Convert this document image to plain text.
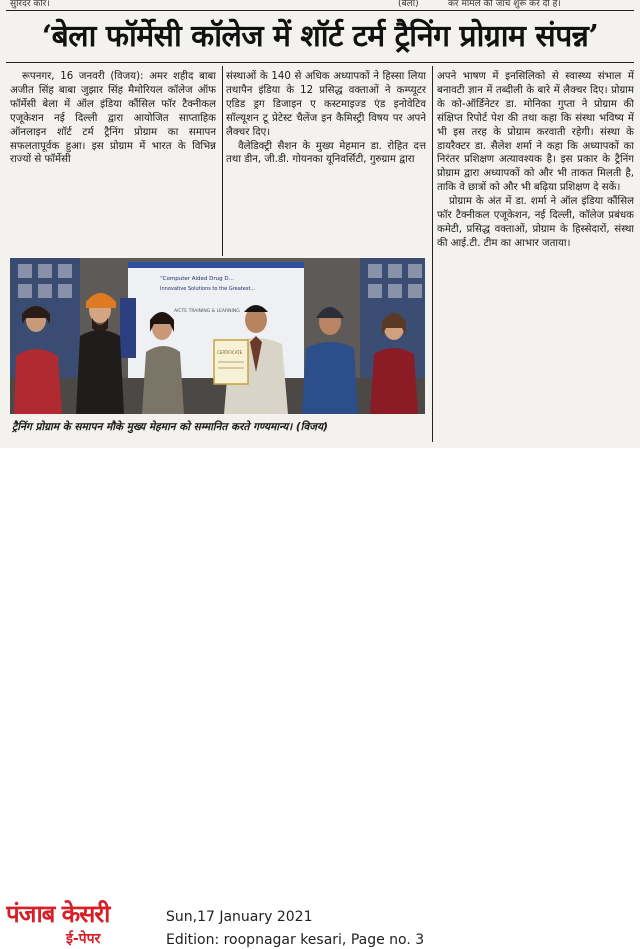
सुरिदर कौर।	(बेला)	कर मामले की जांच शुरू कर दी है।
‘बेला फॉर्मेसी कॉलेज में शॉर्ट टर्म ट्रैनिंग प्रोग्राम संपन्न’

रूपनगर, 16 जनवरी (विजय): अमर शहीद बाबा अजीत सिंह बाबा जुझार सिंह मैमोरियल कॉलेज ऑफ फॉर्मेसी बेला में ऑल इंडिया कौंसिल फॉर टैक्नीकल एजूकेशन नई दिल्ली द्वारा आयोजित साप्ताहिक ऑनलाइन शॉर्ट टर्म ट्रैनिंग प्रोग्राम का समापन सफलतापूर्वक हुआ। इस प्रोग्राम में भारत के विभिन्न राज्यों से फॉर्मेसी

संस्थाओं के 140 से अधिक अध्यापकों ने हिस्सा लिया तथापैन इंडिया के 12 प्रसिद्ध वक्ताओं ने कम्प्यूटर एडिड ड्रग डिजाइन ए कस्टमाइज्ड एंड इनोवेटिव सॉल्यूशन टू प्रेटेस्ट चैलेंज इन कैमिस्ट्री विषय पर अपने लैक्चर दिए।

वैलेडिक्ट्री सैशन के मुख्य मेहमान डा. रोहित दत्त तथा डीन, जी.डी. गोयनका यूनिवर्सिटी, गुरुग्राम द्वारा

अपने भाषण में इनसिलिको से स्वास्थ्य संभाल में बनावटी ज्ञान में तब्दीली के बारे में लैक्चर दिए। प्रोग्राम के को-ऑर्डिनेटर डा. मोनिका गुप्ता ने प्रोग्राम की संक्षिप्त रिपोर्ट पेश की तथा कहा कि संस्था भविष्य में भी इस तरह के प्रोग्राम करवाती रहेगी। संस्था के डायरैक्टर डा. सैलेश शर्मा ने कहा कि अध्यापकों का निरंतर प्रशिक्षण अत्यावश्यक है। इस प्रकार के ट्रैनिंग प्रोग्राम द्वारा अध्यापकों को और भी ताकत मिलती है, ताकि वे छात्रों को और भी बढ़िया प्रशिक्षण दे सकें।

प्रोग्राम के अंत में डा. शर्मा ने ऑल इंडिया कौंसिल फॉर टैक्नीकल एजूकेशन, नई दिल्ली, कॉलेज प्रबंधक कमेटी, प्रसिद्ध वक्ताओं, प्रोग्राम के हिस्सेदारों, संस्था की आई.टी. टीम का आभार जताया।

“Computer Aided Drug D...
Innovative Solutions to the Greatest...
AICTE TRAINING & LEARNING
CERTIFICATE
ट्रैनिंग प्रोग्राम के समापन मौके मुख्य मेहमान को सम्मानित करते गण्यमान्य। (विजय)
पंजाब केसरी
ई-पेपर
Sun,17 January 2021
Edition: roopnagar kesari, Page no. 3
